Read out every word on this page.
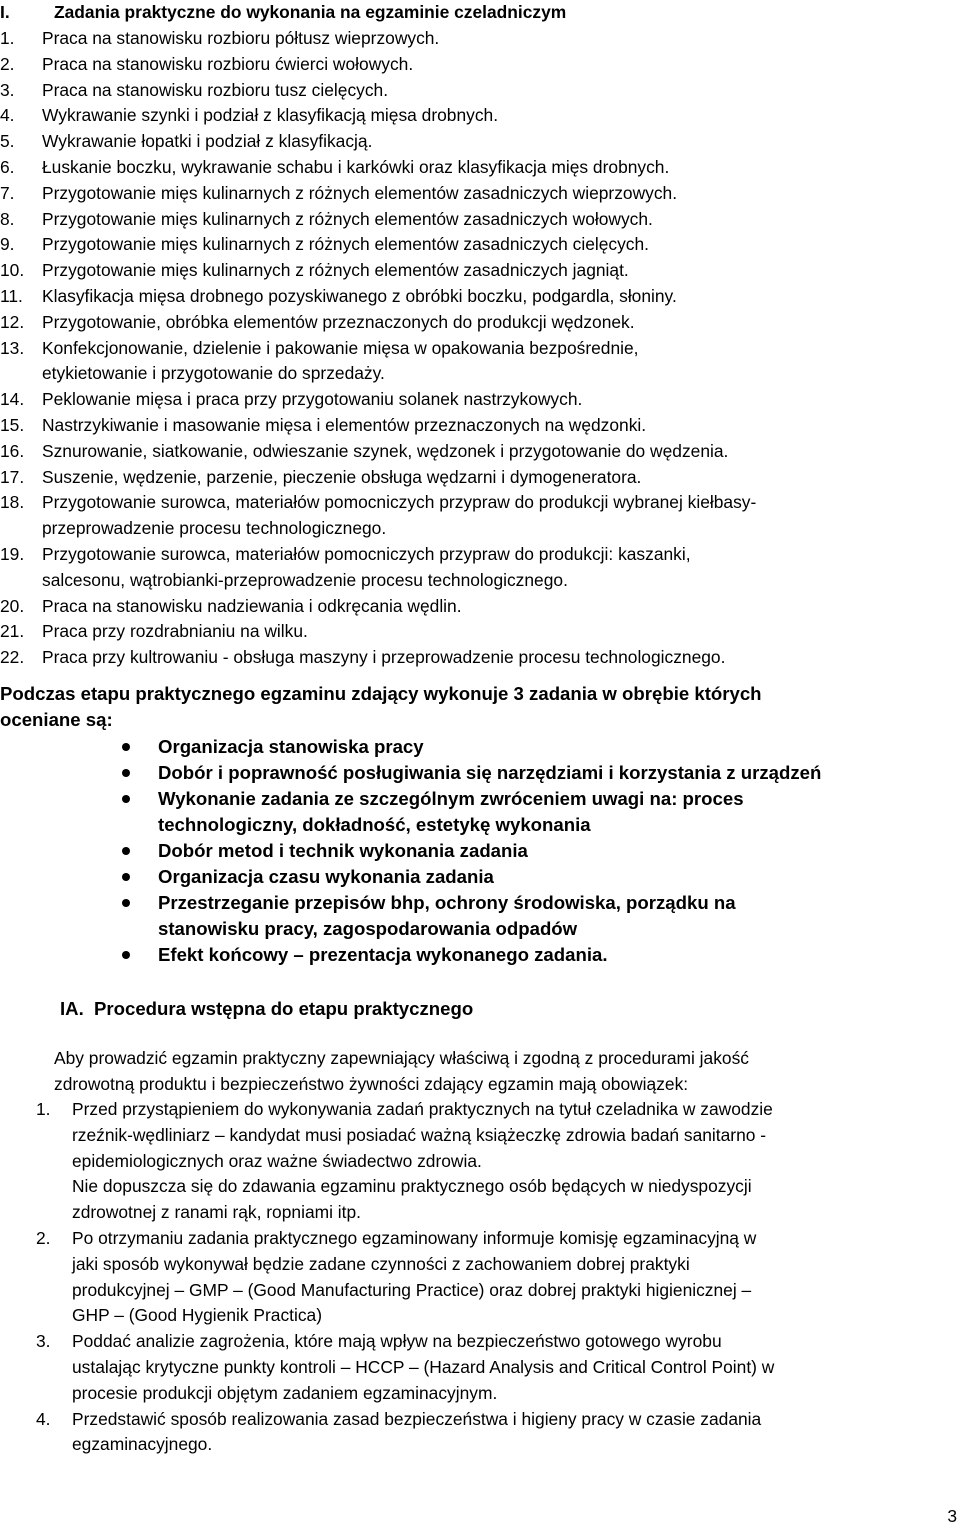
I.	Zadania praktyczne do wykonania na egzaminie czeladniczym
1.	Praca na stanowisku rozbioru półtusz wieprzowych.
2.	Praca na stanowisku rozbioru ćwierci wołowych.
3.	Praca na stanowisku rozbioru tusz cielęcych.
4.	Wykrawanie szynki i podział z klasyfikacją mięsa drobnych.
5.	Wykrawanie łopatki i podział z klasyfikacją.
6.	Łuskanie boczku, wykrawanie schabu i karkówki oraz klasyfikacja mięs drobnych.
7.	Przygotowanie mięs kulinarnych z różnych elementów zasadniczych wieprzowych.
8.	Przygotowanie mięs kulinarnych z różnych elementów zasadniczych wołowych.
9.	Przygotowanie mięs kulinarnych z różnych elementów zasadniczych cielęcych.
10.	Przygotowanie mięs kulinarnych z różnych elementów zasadniczych jagniąt.
11.	Klasyfikacja mięsa drobnego pozyskiwanego z obróbki boczku, podgardla, słoniny.
12.	Przygotowanie, obróbka elementów przeznaczonych do produkcji wędzonek.
13.	Konfekcjonowanie, dzielenie i pakowanie mięsa w opakowania bezpośrednie,
etykietowanie i przygotowanie do sprzedaży.
14.	Peklowanie mięsa i praca przy przygotowaniu solanek nastrzykowych.
15.	Nastrzykiwanie i masowanie mięsa i elementów przeznaczonych na wędzonki.
16.	Sznurowanie, siatkowanie, odwieszanie szynek, wędzonek i przygotowanie do wędzenia.
17.	Suszenie, wędzenie, parzenie, pieczenie obsługa wędzarni i dymogeneratora.
18.	Przygotowanie surowca, materiałów pomocniczych przypraw do produkcji wybranej kiełbasy-
przeprowadzenie procesu technologicznego.
19.	Przygotowanie surowca, materiałów pomocniczych przypraw do produkcji: kaszanki,
salcesonu, wątrobianki-przeprowadzenie procesu technologicznego.
20.	Praca na stanowisku nadziewania i odkręcania wędlin.
21.	Praca przy rozdrabnianiu na wilku.
22.	Praca przy kultrowaniu - obsługa maszyny i przeprowadzenie procesu technologicznego.
Podczas etapu praktycznego egzaminu zdający wykonuje 3 zadania w obrębie których
oceniane są:
Organizacja stanowiska pracy
Dobór i poprawność posługiwania się narzędziami i korzystania z urządzeń
Wykonanie zadania ze szczególnym zwróceniem uwagi na: proces
technologiczny, dokładność, estetykę wykonania
Dobór metod i technik wykonania zadania
Organizacja czasu wykonania zadania
Przestrzeganie przepisów bhp, ochrony środowiska, porządku na
stanowisku pracy, zagospodarowania odpadów
Efekt końcowy – prezentacja wykonanego zadania.
IA. Procedura wstępna do etapu praktycznego
Aby prowadzić egzamin praktyczny zapewniający właściwą i zgodną z procedurami jakość
zdrowotną produktu i bezpieczeństwo żywności zdający egzamin mają obowiązek:
1.	Przed przystąpieniem do wykonywania zadań praktycznych na tytuł czeladnika w zawodzie
rzeźnik-wędliniarz – kandydat musi posiadać ważną książeczkę zdrowia badań sanitarno -
epidemiologicznych oraz ważne świadectwo zdrowia.
Nie dopuszcza się do zdawania egzaminu praktycznego osób będących w niedyspozycji
zdrowotnej z ranami rąk, ropniami itp.
2.	Po otrzymaniu zadania praktycznego egzaminowany informuje komisję egzaminacyjną w
jaki sposób wykonywał będzie zadane czynności z zachowaniem dobrej praktyki
produkcyjnej – GMP – (Good Manufacturing Practice) oraz dobrej praktyki higienicznej –
GHP – (Good Hygienik Practica)
3.	Poddać analizie zagrożenia, które mają wpływ na bezpieczeństwo gotowego wyrobu
ustalając krytyczne punkty kontroli – HCCP – (Hazard Analysis and Critical Control Point) w
procesie produkcji objętym zadaniem egzaminacyjnym.
4.	Przedstawić sposób realizowania zasad bezpieczeństwa i higieny pracy w czasie zadania
egzaminacyjnego.
3
